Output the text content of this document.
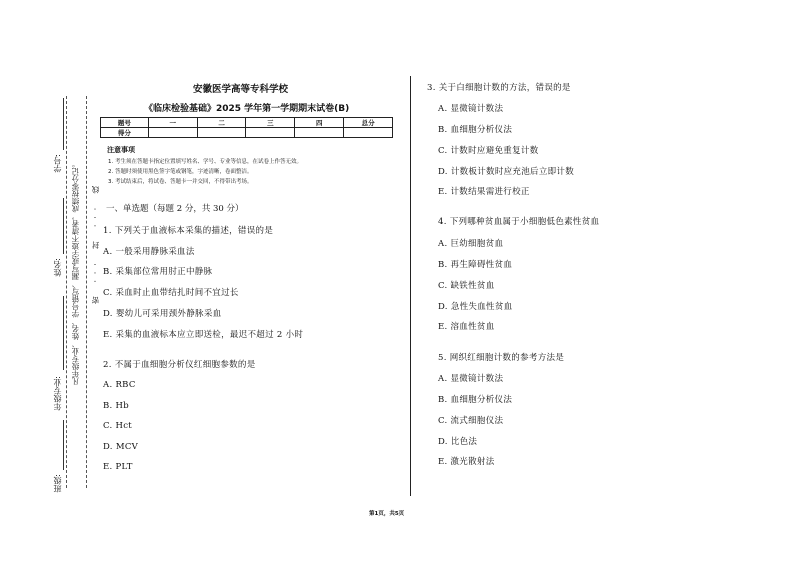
凡年级专业、姓名、学号错写、漏写或字迹不清者，成绩按零分记。 密 ··· 封 ··· 线
学号:
姓名:
年级专业:
班级:
安徽医学高等专科学校
《临床检验基础》2025 学年第一学期期末试卷(B)
题号	一	二	三	四	总分
得分					
注意事项
1. 考生须在答题卡指定位置填写姓名、学号、专业等信息，在试卷上作答无效。
2. 答题时须使用黑色签字笔或钢笔，字迹清晰，卷面整洁。
3. 考试结束后，将试卷、答题卡一并交回，不得带出考场。
一、单选题（每题 2 分，共 30 分）
1. 下列关于血液标本采集的描述，错误的是
A. 一般采用静脉采血法
B. 采集部位常用肘正中静脉
C. 采血时止血带结扎时间不宜过长
D. 婴幼儿可采用颈外静脉采血
E. 采集的血液标本应立即送检，最迟不超过 2 小时
2. 不属于血细胞分析仪红细胞参数的是
A. RBC
B. Hb
C. Hct
D. MCV
E. PLT
3. 关于白细胞计数的方法，错误的是
A. 显微镜计数法
B. 血细胞分析仪法
C. 计数时应避免重复计数
D. 计数板计数时应充池后立即计数
E. 计数结果需进行校正
4. 下列哪种贫血属于小细胞低色素性贫血
A. 巨幼细胞贫血
B. 再生障碍性贫血
C. 缺铁性贫血
D. 急性失血性贫血
E. 溶血性贫血
5. 网织红细胞计数的参考方法是
A. 显微镜计数法
B. 血细胞分析仪法
C. 流式细胞仪法
D. 比色法
E. 激光散射法
第1页，共5页
